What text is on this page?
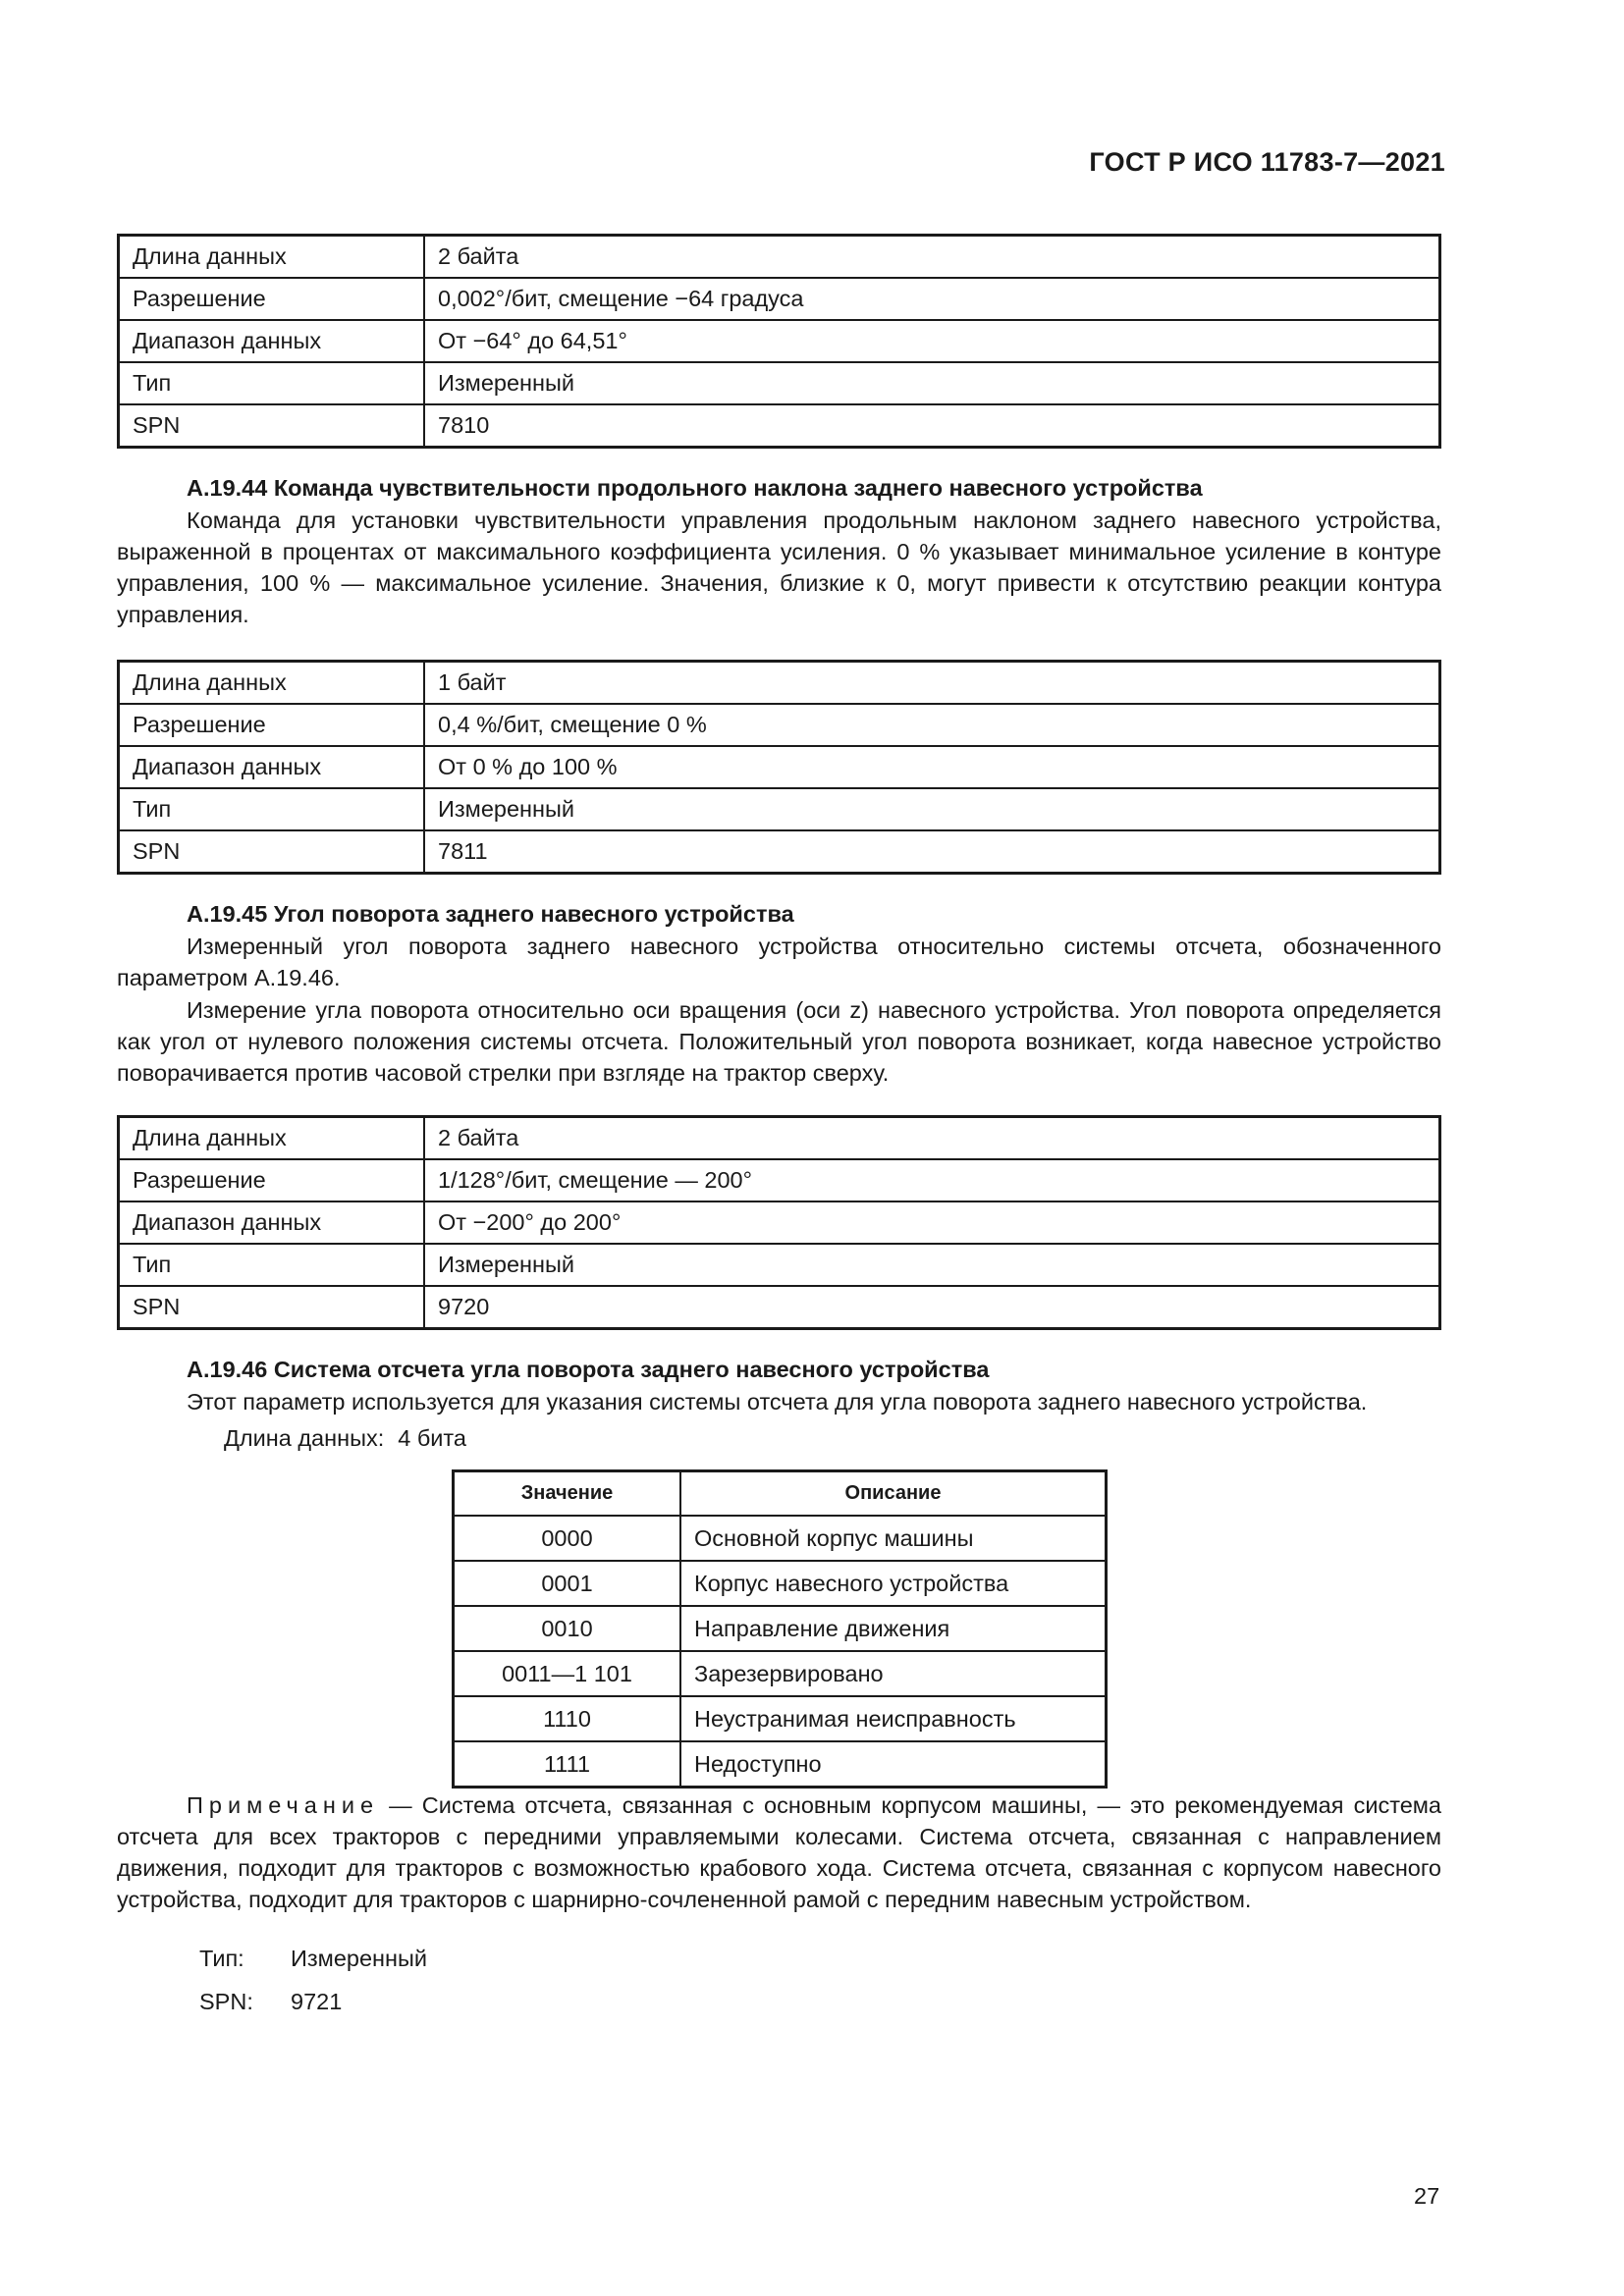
ГОСТ Р ИСО 11783-7—2021
Длина данных	2 байта
Разрешение	0,002°/бит, смещение −64 градуса
Диапазон данных	От −64° до 64,51°
Тип	Измеренный
SPN	7810
А.19.44 Команда чувствительности продольного наклона заднего навесного устройства

Команда для установки чувствительности управления продольным наклоном заднего навесного устройства, выраженной в процентах от максимального коэффициента усиления. 0 % указывает минимальное усиление в контуре управления, 100 % — максимальное усиление. Значения, близкие к 0, могут привести к отсутствию реакции контура управления.

Длина данных	1 байт
Разрешение	0,4 %/бит, смещение 0 %
Диапазон данных	От 0 % до 100 %
Тип	Измеренный
SPN	7811
А.19.45 Угол поворота заднего навесного устройства

Измеренный угол поворота заднего навесного устройства относительно системы отсчета, обозначенного параметром А.19.46.

Измерение угла поворота относительно оси вращения (оси z) навесного устройства. Угол поворота определяется как угол от нулевого положения системы отсчета. Положительный угол поворота возникает, когда навесное устройство поворачивается против часовой стрелки при взгляде на трактор сверху.

Длина данных	2 байта
Разрешение	1/128°/бит, смещение — 200°
Диапазон данных	От −200° до 200°
Тип	Измеренный
SPN	9720
А.19.46 Система отсчета угла поворота заднего навесного устройства

Этот параметр используется для указания системы отсчета для угла поворота заднего навесного устройства.

Длина данных: 4 бита
Значение	Описание
0000	Основной корпус машины
0001	Корпус навесного устройства
0010	Направление движения
0011—1 101	Зарезервировано
1110	Неустранимая неисправность
1111	Недоступно

Примечание — Система отсчета, связанная с основным корпусом машины, — это рекомендуемая система отсчета для всех тракторов с передними управляемыми колесами. Система отсчета, связанная с направлением движения, подходит для тракторов с возможностью крабового хода. Система отсчета, связанная с корпусом навесного устройства, подходит для тракторов с шарнирно-сочлененной рамой с передним навесным устройством.

Тип: Измеренный
SPN: 9721
27
